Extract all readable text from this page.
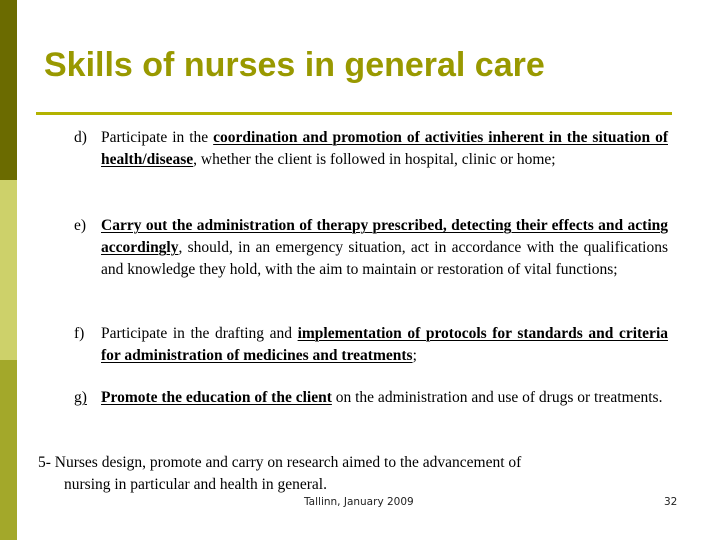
Skills of nurses in general care
d) Participate in the coordination and promotion of activities inherent in the situation of health/disease, whether the client is followed in hospital, clinic or home;
e) Carry out the administration of therapy prescribed, detecting their effects and acting accordingly, should, in an emergency situation, act in accordance with the qualifications and knowledge they hold, with the aim to maintain or restoration of vital functions;
f) Participate in the drafting and implementation of protocols for standards and criteria for administration of medicines and treatments;
g) Promote the education of the client on the administration and use of drugs or treatments.
5- Nurses design, promote and carry on research aimed to the advancement of
nursing in particular and health in general.
Tallinn, January 2009	32
